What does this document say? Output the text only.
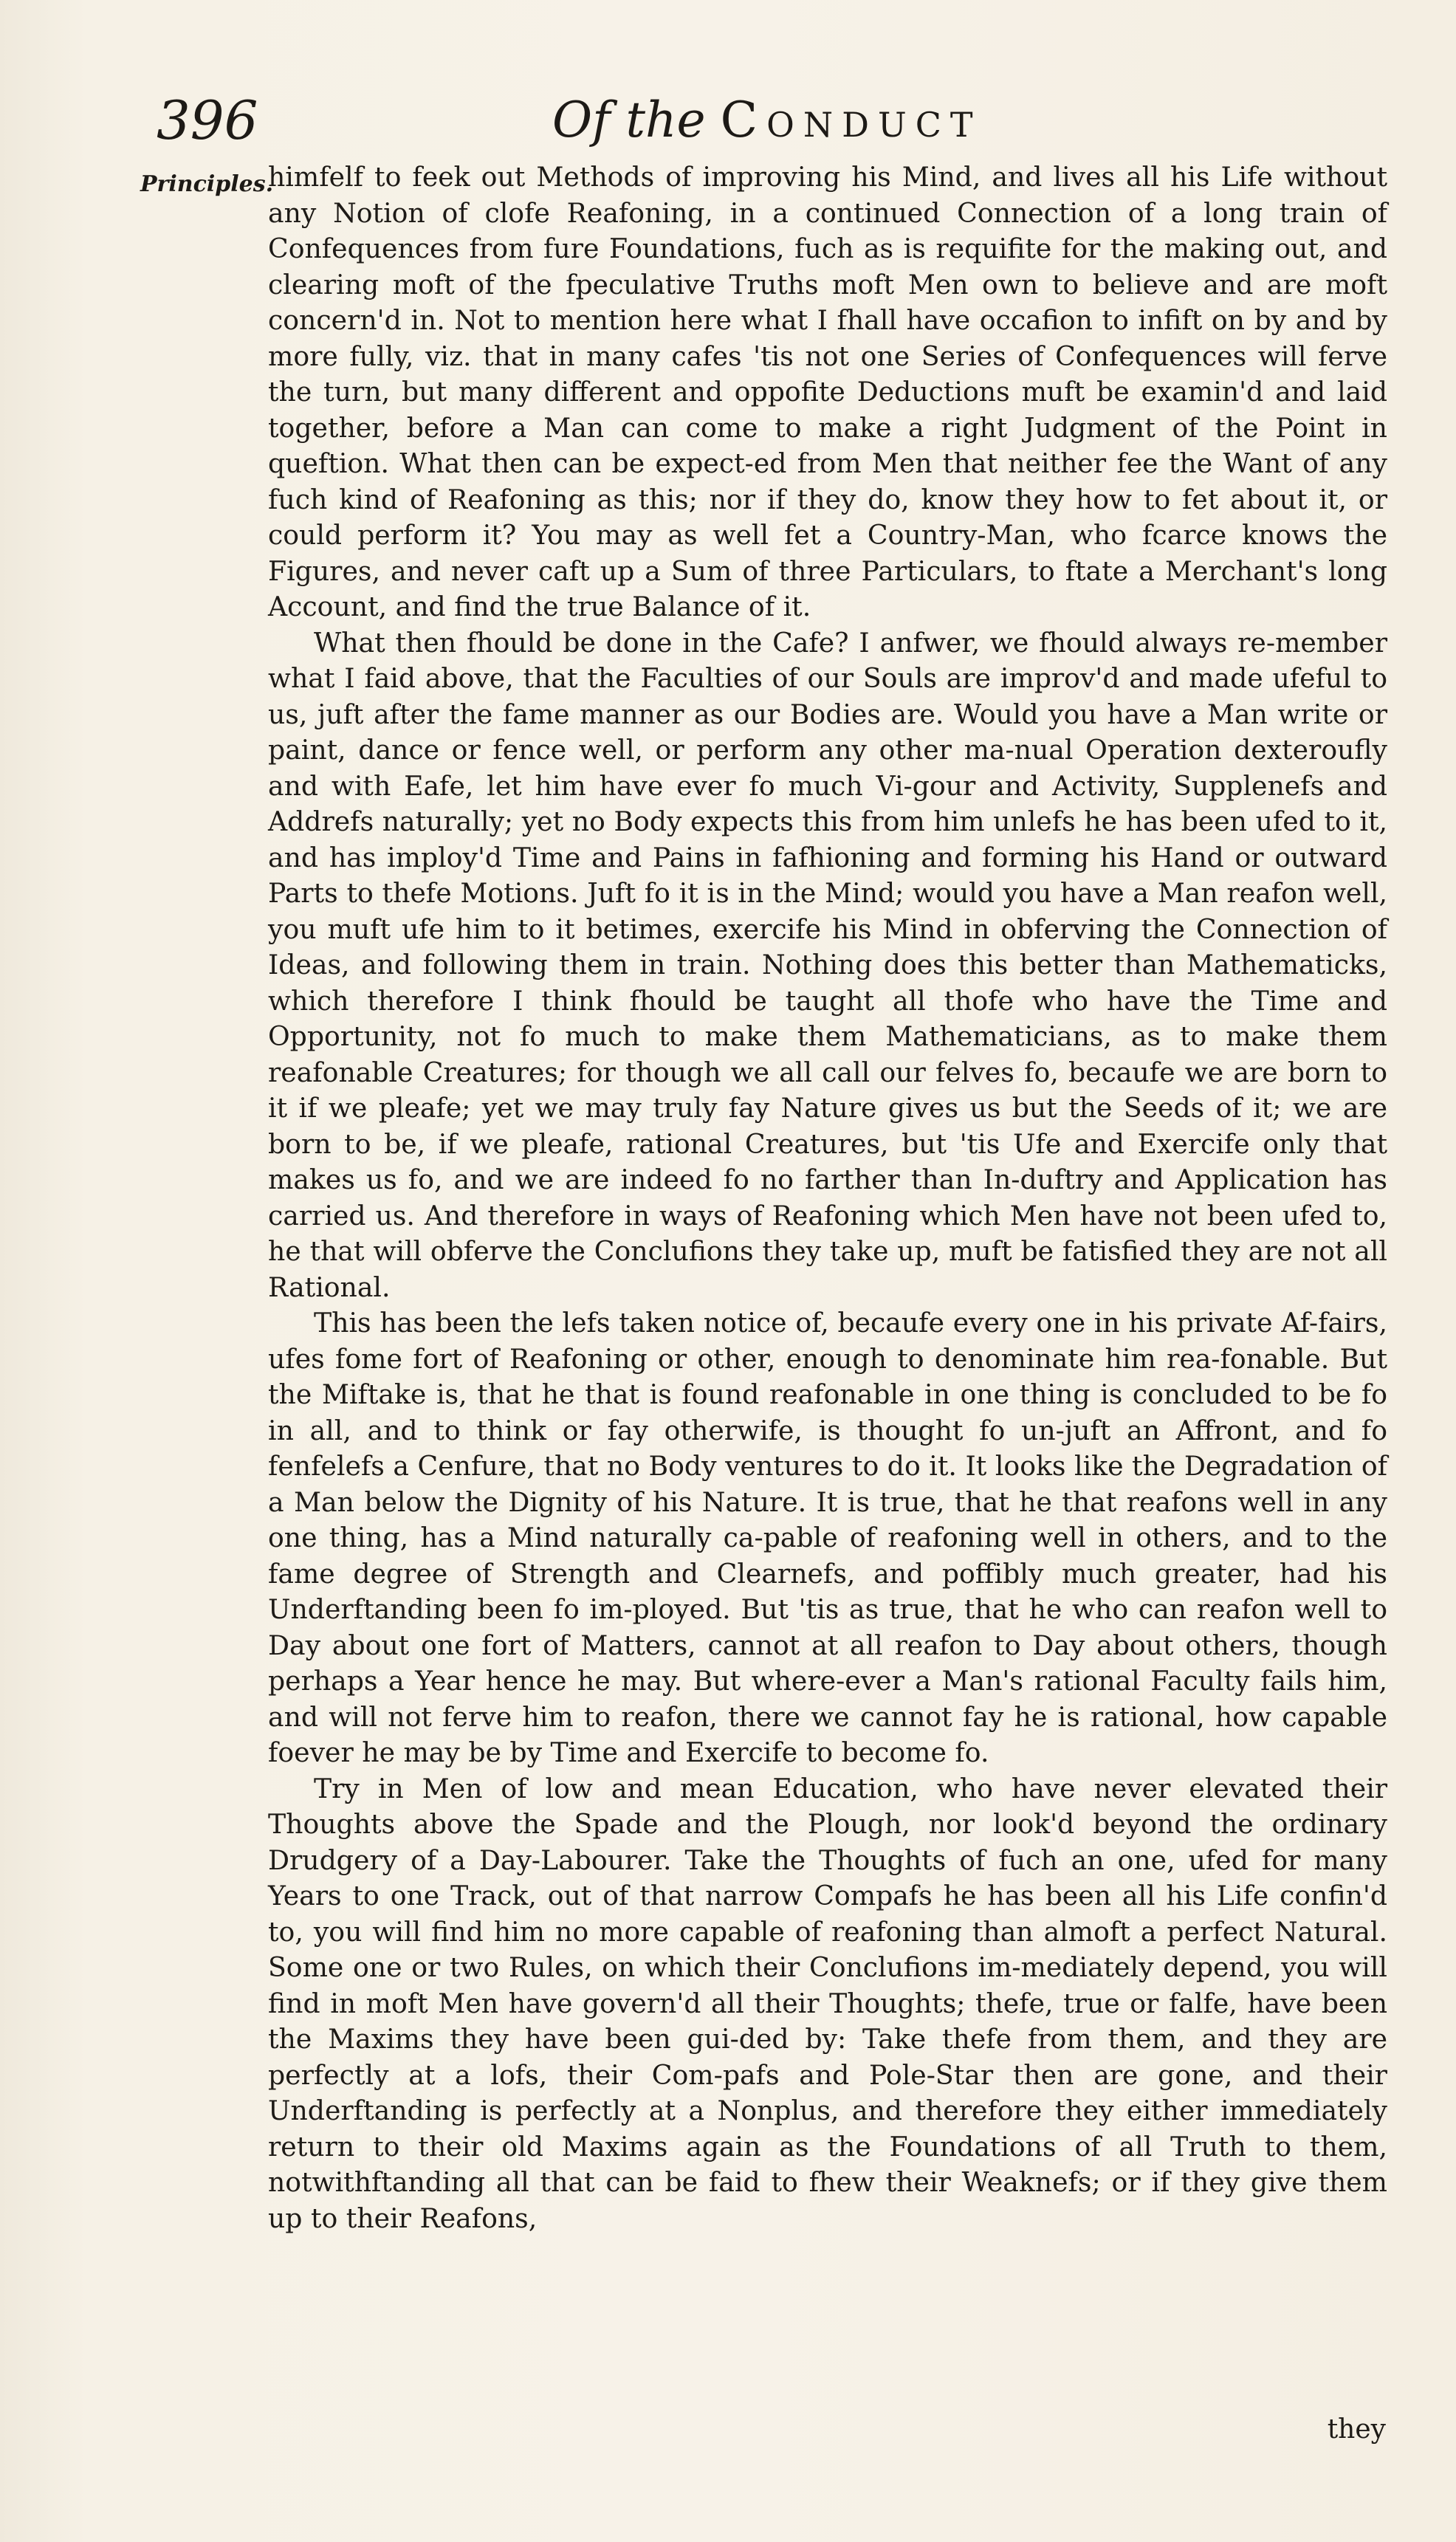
396	Of the Conduct
Principles.

himfelf to feek out Methods of improving his Mind, and lives all his Life without any Notion of clofe Reafoning, in a continued Connection of a long train of Confequences from fure Foundations, fuch as is requifite for the making out, and clearing moft of the fpeculative Truths moft Men own to believe and are moft concern'd in. Not to mention here what I fhall have occafion to infift on by and by more fully, viz. that in many cafes 'tis not one Series of Confequences will ferve the turn, but many different and oppofite Deductions muft be examin'd and laid together, before a Man can come to make a right Judgment of the Point in queftion. What then can be expect-ed from Men that neither fee the Want of any fuch kind of Reafoning as this; nor if they do, know they how to fet about it, or could perform it? You may as well fet a Country-Man, who fcarce knows the Figures, and never caft up a Sum of three Particulars, to ftate a Merchant's long Account, and find the true Balance of it.

What then fhould be done in the Cafe? I anfwer, we fhould always re-member what I faid above, that the Faculties of our Souls are improv'd and made ufeful to us, juft after the fame manner as our Bodies are. Would you have a Man write or paint, dance or fence well, or perform any other ma-nual Operation dexteroufly and with Eafe, let him have ever fo much Vi-gour and Activity, Supplenefs and Addrefs naturally; yet no Body expects this from him unlefs he has been ufed to it, and has imploy'd Time and Pains in fafhioning and forming his Hand or outward Parts to thefe Motions. Juft fo it is in the Mind; would you have a Man reafon well, you muft ufe him to it betimes, exercife his Mind in obferving the Connection of Ideas, and following them in train. Nothing does this better than Mathematicks, which therefore I think fhould be taught all thofe who have the Time and Opportunity, not fo much to make them Mathematicians, as to make them reafonable Creatures; for though we all call our felves fo, becaufe we are born to it if we pleafe; yet we may truly fay Nature gives us but the Seeds of it; we are born to be, if we pleafe, rational Creatures, but 'tis Ufe and Exercife only that makes us fo, and we are indeed fo no farther than In-duftry and Application has carried us. And therefore in ways of Reafoning which Men have not been ufed to, he that will obferve the Conclufions they take up, muft be fatisfied they are not all Rational.

This has been the lefs taken notice of, becaufe every one in his private Af-fairs, ufes fome fort of Reafoning or other, enough to denominate him rea-fonable. But the Miftake is, that he that is found reafonable in one thing is concluded to be fo in all, and to think or fay otherwife, is thought fo un-juft an Affront, and fo fenfelefs a Cenfure, that no Body ventures to do it. It looks like the Degradation of a Man below the Dignity of his Nature. It is true, that he that reafons well in any one thing, has a Mind naturally ca-pable of reafoning well in others, and to the fame degree of Strength and Clearnefs, and poffibly much greater, had his Underftanding been fo im-ployed. But 'tis as true, that he who can reafon well to Day about one fort of Matters, cannot at all reafon to Day about others, though perhaps a Year hence he may. But where-ever a Man's rational Faculty fails him, and will not ferve him to reafon, there we cannot fay he is rational, how capable foever he may be by Time and Exercife to become fo.

Try in Men of low and mean Education, who have never elevated their Thoughts above the Spade and the Plough, nor look'd beyond the ordinary Drudgery of a Day-Labourer. Take the Thoughts of fuch an one, ufed for many Years to one Track, out of that narrow Compafs he has been all his Life confin'd to, you will find him no more capable of reafoning than almoft a perfect Natural. Some one or two Rules, on which their Conclufions im-mediately depend, you will find in moft Men have govern'd all their Thoughts; thefe, true or falfe, have been the Maxims they have been gui-ded by: Take thefe from them, and they are perfectly at a lofs, their Com-pafs and Pole-Star then are gone, and their Underftanding is perfectly at a Nonplus, and therefore they either immediately return to their old Maxims again as the Foundations of all Truth to them, notwithftanding all that can be faid to fhew their Weaknefs; or if they give them up to their Reafons,

they
